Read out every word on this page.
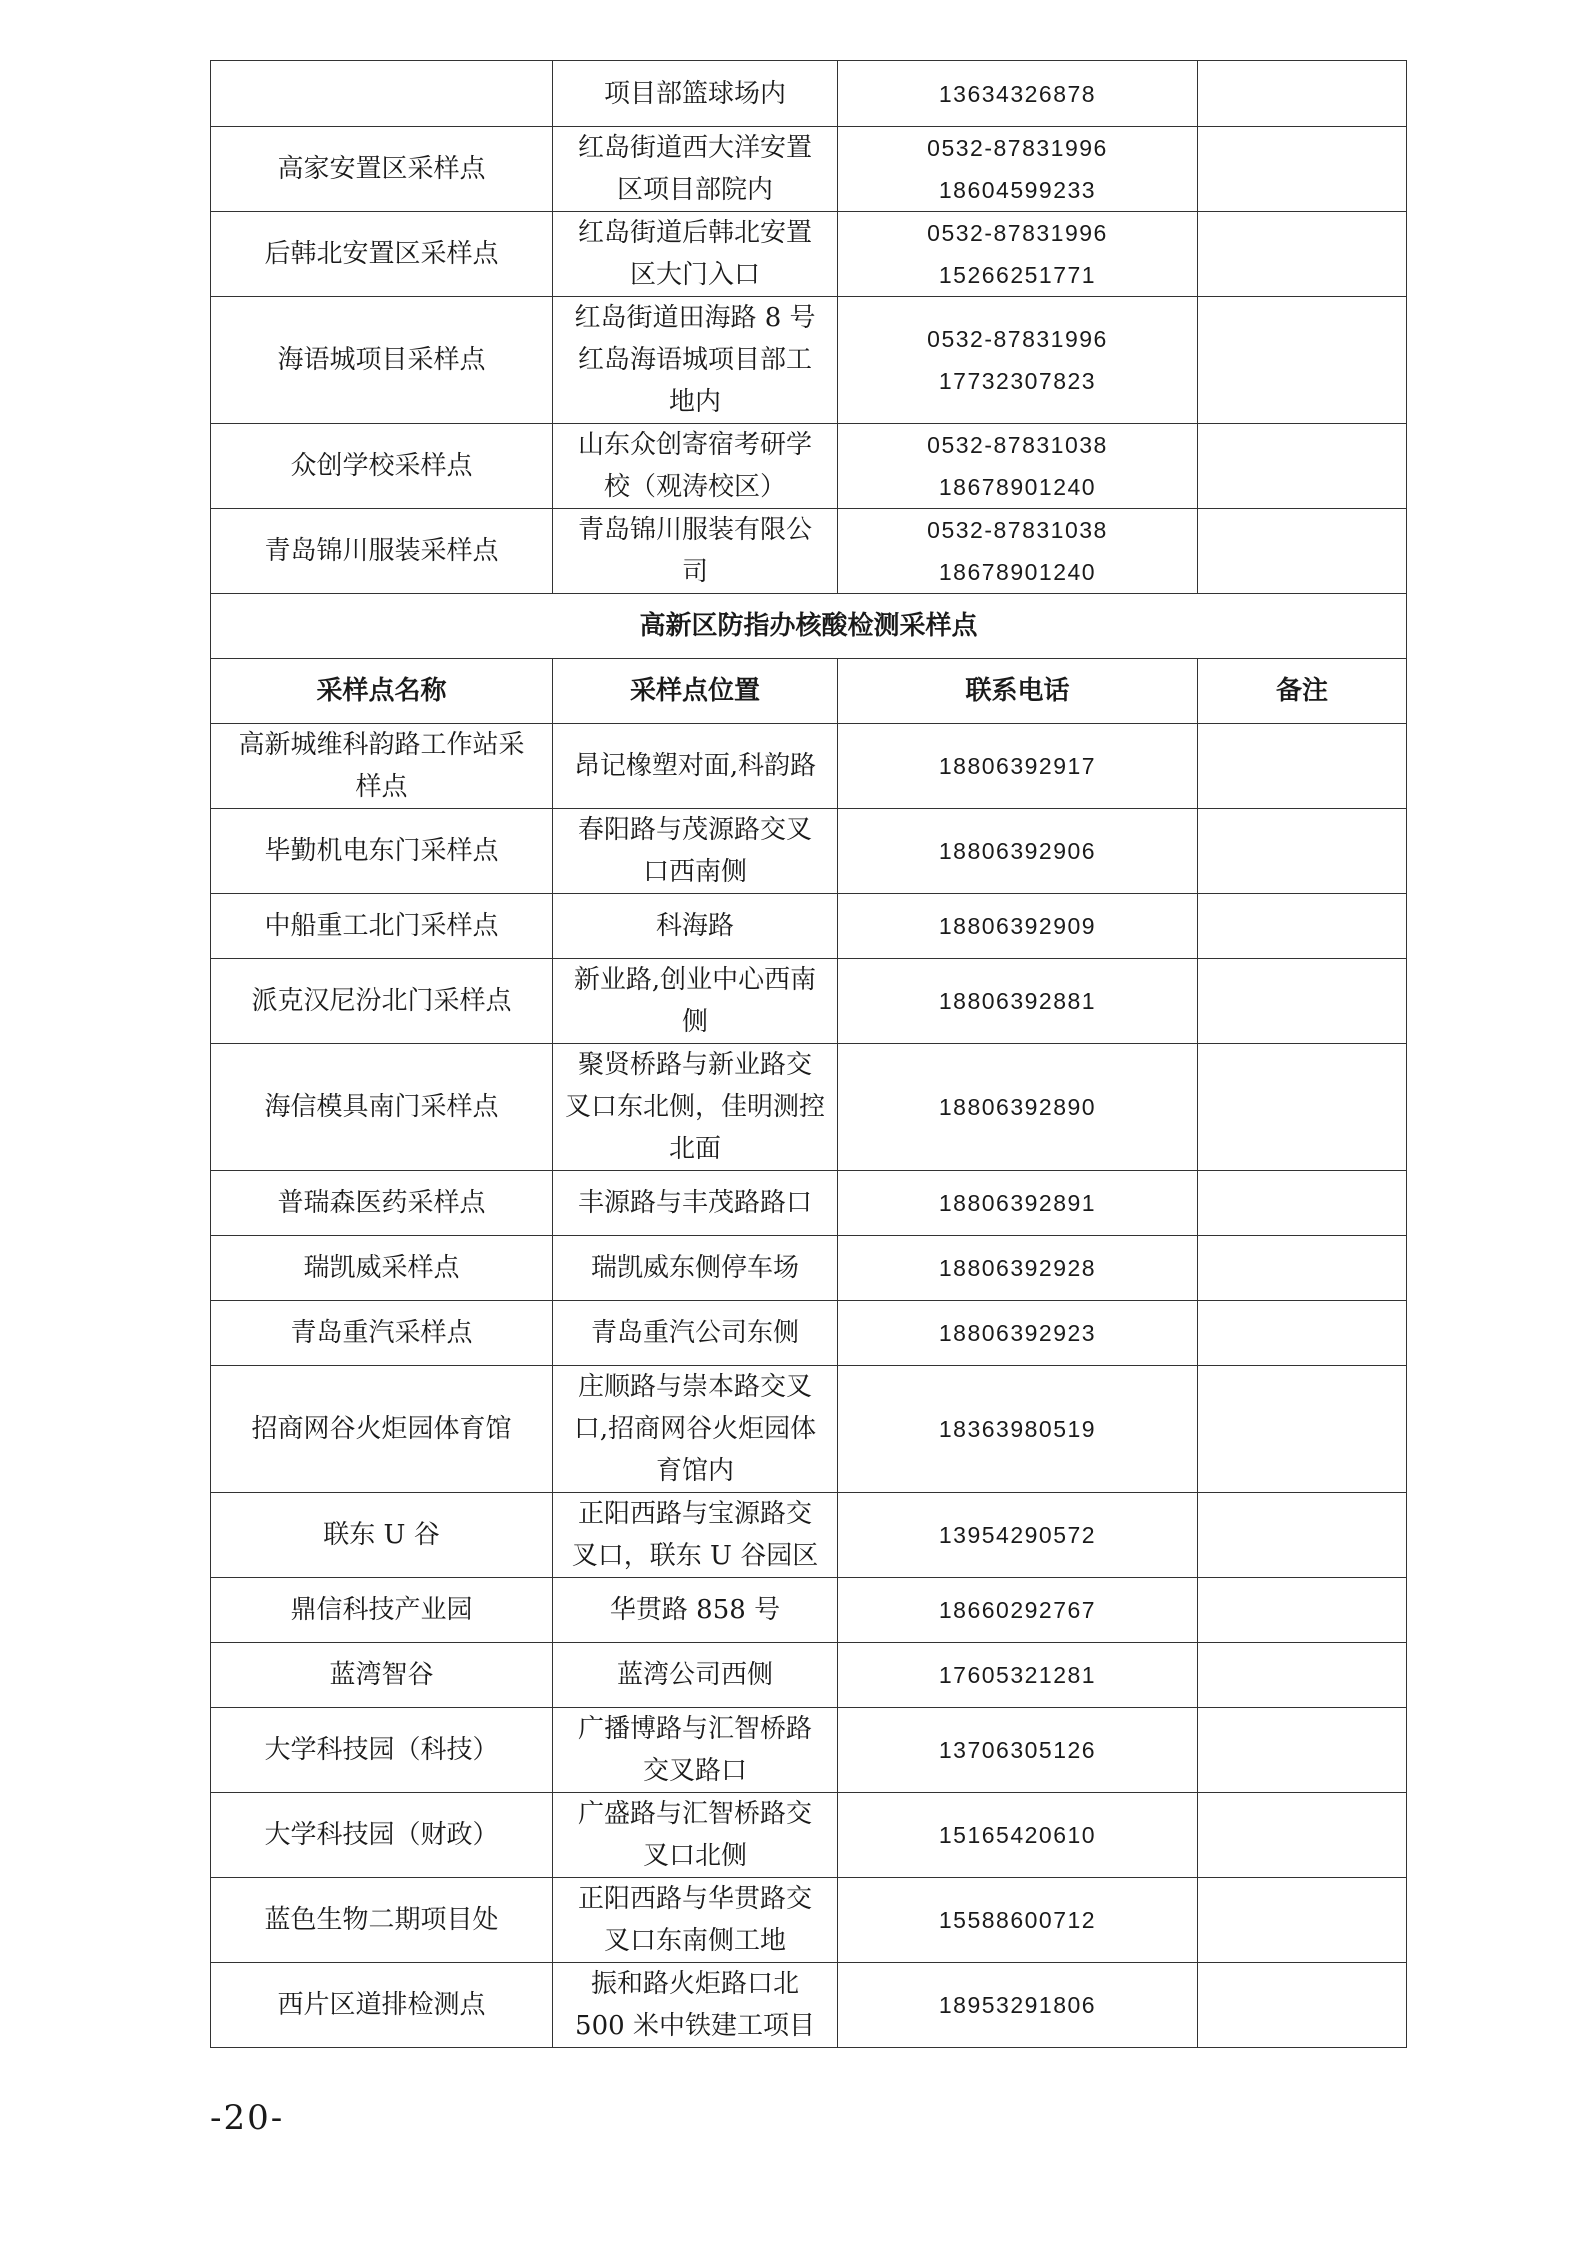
	项目部篮球场内	13634326878	

高家安置区采样点	红岛街道西大洋安置
区项目部院内	0532-87831996
18604599233	

后韩北安置区采样点	红岛街道后韩北安置
区大门入口	0532-87831996
15266251771	

海语城项目采样点	红岛街道田海路 8 号
红岛海语城项目部工
地内	0532-87831996
17732307823	

众创学校采样点	山东众创寄宿考研学
校（观涛校区）	0532-87831038
18678901240	

青岛锦川服装采样点	青岛锦川服装有限公
司	0532-87831038
18678901240	

高新区防指办核酸检测采样点			
采样点名称	采样点位置	联系电话	备注

高新城维科韵路工作站采
样点	昂记橡塑对面,科韵路	18806392917	

毕勤机电东门采样点	春阳路与茂源路交叉
口西南侧	18806392906	

中船重工北门采样点	科海路	18806392909	

派克汉尼汾北门采样点	新业路,创业中心西南
侧	18806392881	

海信模具南门采样点	聚贤桥路与新业路交
叉口东北侧，佳明测控
北面	18806392890	

普瑞森医药采样点	丰源路与丰茂路路口	18806392891	

瑞凯威采样点	瑞凯威东侧停车场	18806392928	

青岛重汽采样点	青岛重汽公司东侧	18806392923	

招商网谷火炬园体育馆	庄顺路与崇本路交叉
口,招商网谷火炬园体
育馆内	18363980519	

联东 U 谷	正阳西路与宝源路交
叉口，联东 U 谷园区	13954290572	

鼎信科技产业园	华贯路 858 号	18660292767	

蓝湾智谷	蓝湾公司西侧	17605321281	

大学科技园（科技）	广播博路与汇智桥路
交叉路口	13706305126	

大学科技园（财政）	广盛路与汇智桥路交
叉口北侧	15165420610	

蓝色生物二期项目处	正阳西路与华贯路交
叉口东南侧工地	15588600712	

西片区道排检测点	振和路火炬路口北
500 米中铁建工项目	18953291806	

-20-
